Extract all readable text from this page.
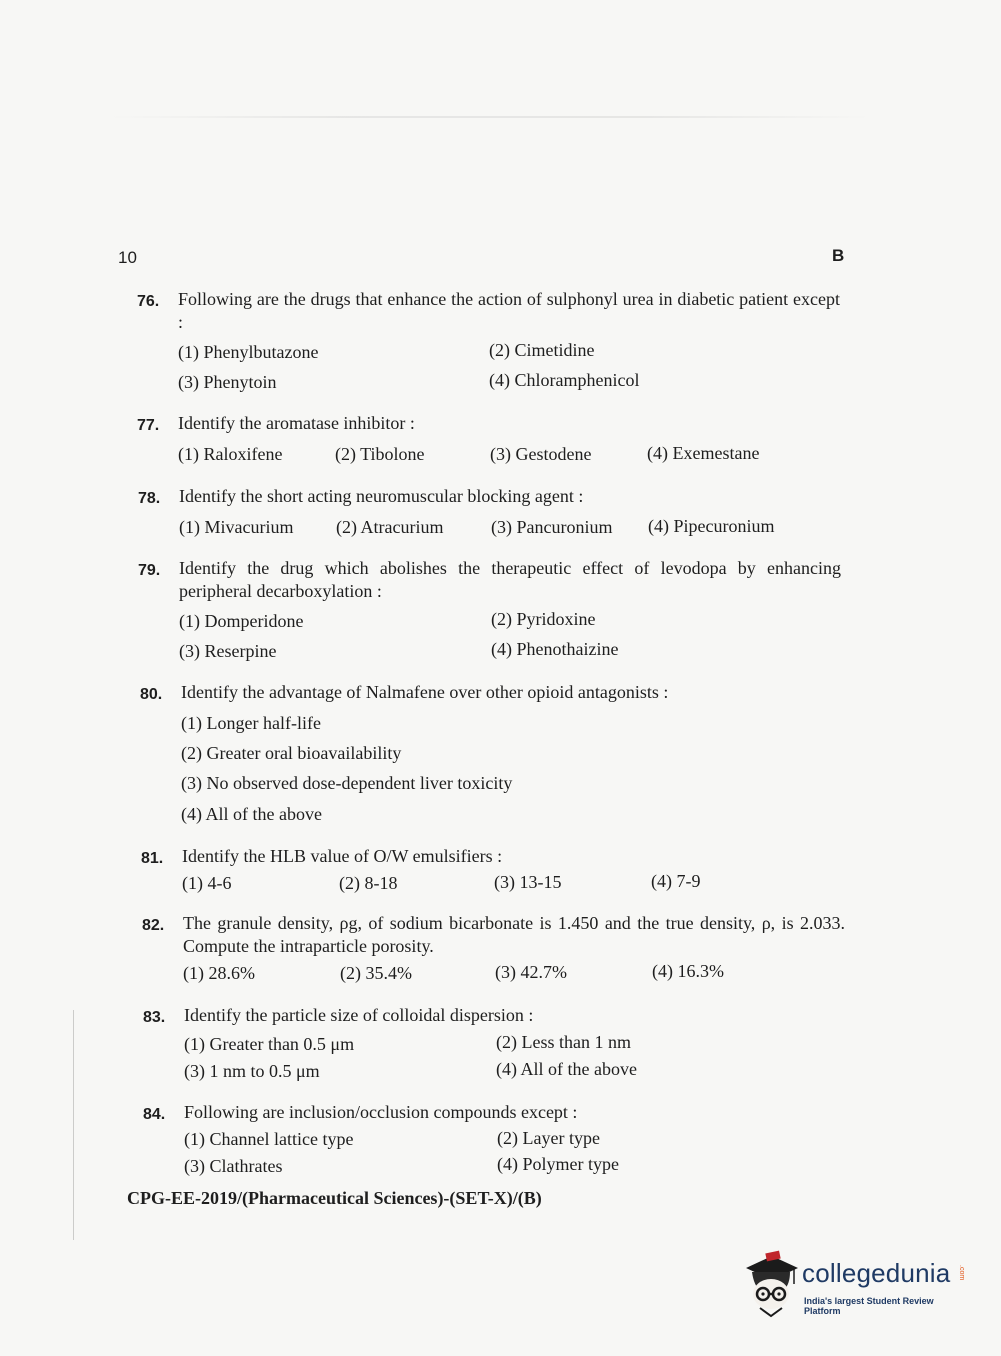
10	B
76. Following are the drugs that enhance the action of sulphonyl urea in diabetic patient except :
(1) Phenylbutazone	(2) Cimetidine
(3) Phenytoin	(4) Chloramphenicol
77. Identify the aromatase inhibitor :
(1) Raloxifene	(2) Tibolone	(3) Gestodene	(4) Exemestane
78. Identify the short acting neuromuscular blocking agent :
(1) Mivacurium (2) Atracurium	(3) Pancuronium (4) Pipecuronium
79. Identify the drug which abolishes the therapeutic effect of levodopa by enhancing peripheral decarboxylation :
(1) Domperidone	(2) Pyridoxine
(3) Reserpine	(4) Phenothaizine
80. Identify the advantage of Nalmafene over other opioid antagonists :
(1) Longer half-life
(2) Greater oral bioavailability
(3) No observed dose-dependent liver toxicity
(4) All of the above
81. Identify the HLB value of O/W emulsifiers :
(1) 4-6	(2) 8-18	(3) 13-15	(4) 7-9
82. The granule density, ρg, of sodium bicarbonate is 1.450 and the true density, ρ, is 2.033. Compute the intraparticle porosity.
(1) 28.6%	(2) 35.4%	(3) 42.7%	(4) 16.3%
83. Identify the particle size of colloidal dispersion :
(1) Greater than 0.5 μm	(2) Less than 1 nm
(3) 1 nm to 0.5 μm	(4) All of the above
84. Following are inclusion/occlusion compounds except :
(1) Channel lattice type	(2) Layer type
(3) Clathrates	(4) Polymer type
CPG-EE-2019/(Pharmaceutical Sciences)-(SET-X)/(B)
collegedunia .com
India's largest Student Review Platform
